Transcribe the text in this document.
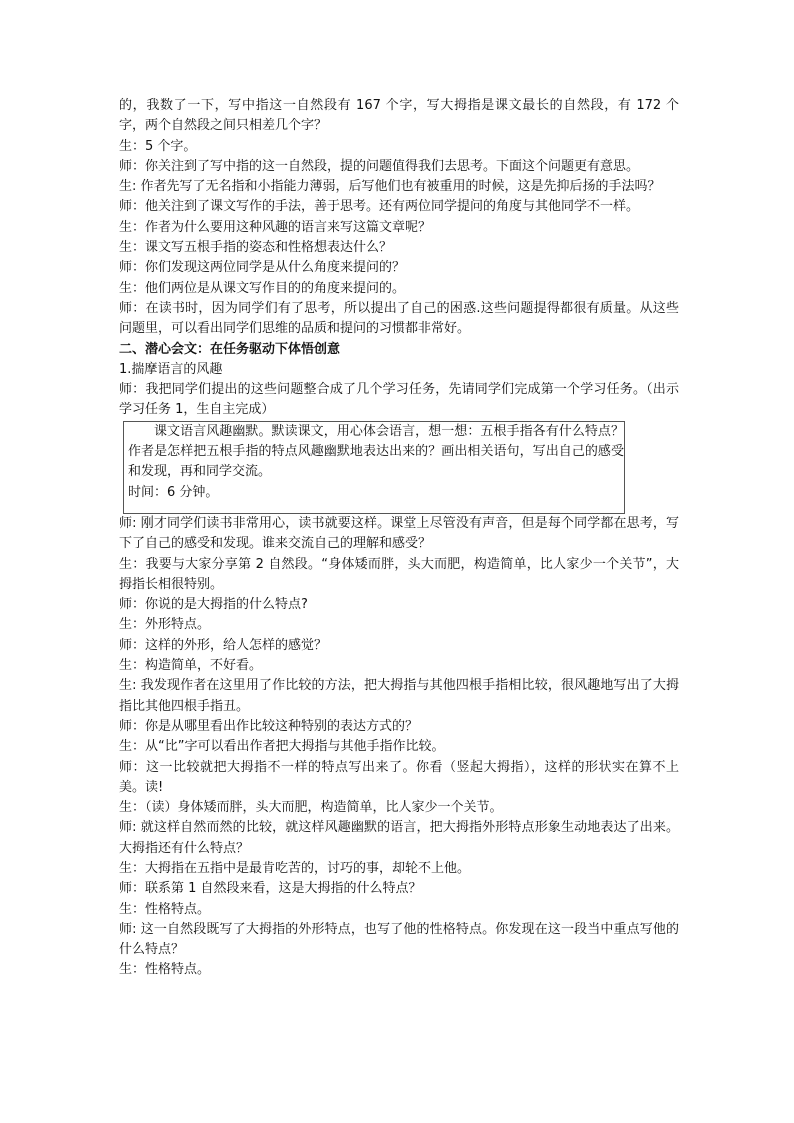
的，我数了一下，写中指这一自然段有 167 个字，写大拇指是课文最长的自然段，有 172 个字，两个自然段之间只相差几个字？

生：5 个字。

师：你关注到了写中指的这一自然段，提的问题值得我们去思考。下面这个问题更有意思。

生: 作者先写了无名指和小指能力薄弱，后写他们也有被重用的时候，这是先抑后扬的手法吗？

师：他关注到了课文写作的手法，善于思考。还有两位同学提问的角度与其他同学不一样。

生：作者为什么要用这种风趣的语言来写这篇文章呢？

生：课文写五根手指的姿态和性格想表达什么？

师：你们发现这两位同学是从什么角度来提问的？

生：他们两位是从课文写作目的的角度来提问的。

师：在读书时，因为同学们有了思考，所以提出了自己的困惑.这些问题提得都很有质量。从这些问题里，可以看出同学们思维的品质和提问的习惯都非常好。

二、潜心会文：在任务驱动下体悟创意

1.揣摩语言的风趣

师：我把同学们提出的这些问题整合成了几个学习任务，先请同学们完成第一个学习任务。（出示学习任务 1，生自主完成）

课文语言风趣幽默。默读课文，用心体会语言，想一想：五根手指各有什么特点？作者是怎样把五根手指的特点风趣幽默地表达出来的？画出相关语句，写出自己的感受和发现，再和同学交流。

时间：6 分钟。

师: 刚才同学们读书非常用心，读书就要这样。课堂上尽管没有声音，但是每个同学都在思考，写下了自己的感受和发现。谁来交流自己的理解和感受？

生：我要与大家分享第 2 自然段。“身体矮而胖，头大而肥，构造简单，比人家少一个关节”，大拇指长相很特别。

师：你说的是大拇指的什么特点?

生：外形特点。

师：这样的外形，给人怎样的感觉？

生：构造简单，不好看。

生: 我发现作者在这里用了作比较的方法，把大拇指与其他四根手指相比较，很风趣地写出了大拇指比其他四根手指丑。

师：你是从哪里看出作比较这种特别的表达方式的？

生：从“比”字可以看出作者把大拇指与其他手指作比较。

师：这一比较就把大拇指不一样的特点写出来了。你看（竖起大拇指），这样的形状实在算不上美。读!

生：（读）身体矮而胖，头大而肥，构造简单，比人家少一个关节。

师: 就这样自然而然的比较，就这样风趣幽默的语言，把大拇指外形特点形象生动地表达了出来。大拇指还有什么特点？

生：大拇指在五指中是最肯吃苦的，讨巧的事，却轮不上他。

师：联系第 1 自然段来看，这是大拇指的什么特点？

生：性格特点。

师: 这一自然段既写了大拇指的外形特点，也写了他的性格特点。你发现在这一段当中重点写他的什么特点？

生：性格特点。
